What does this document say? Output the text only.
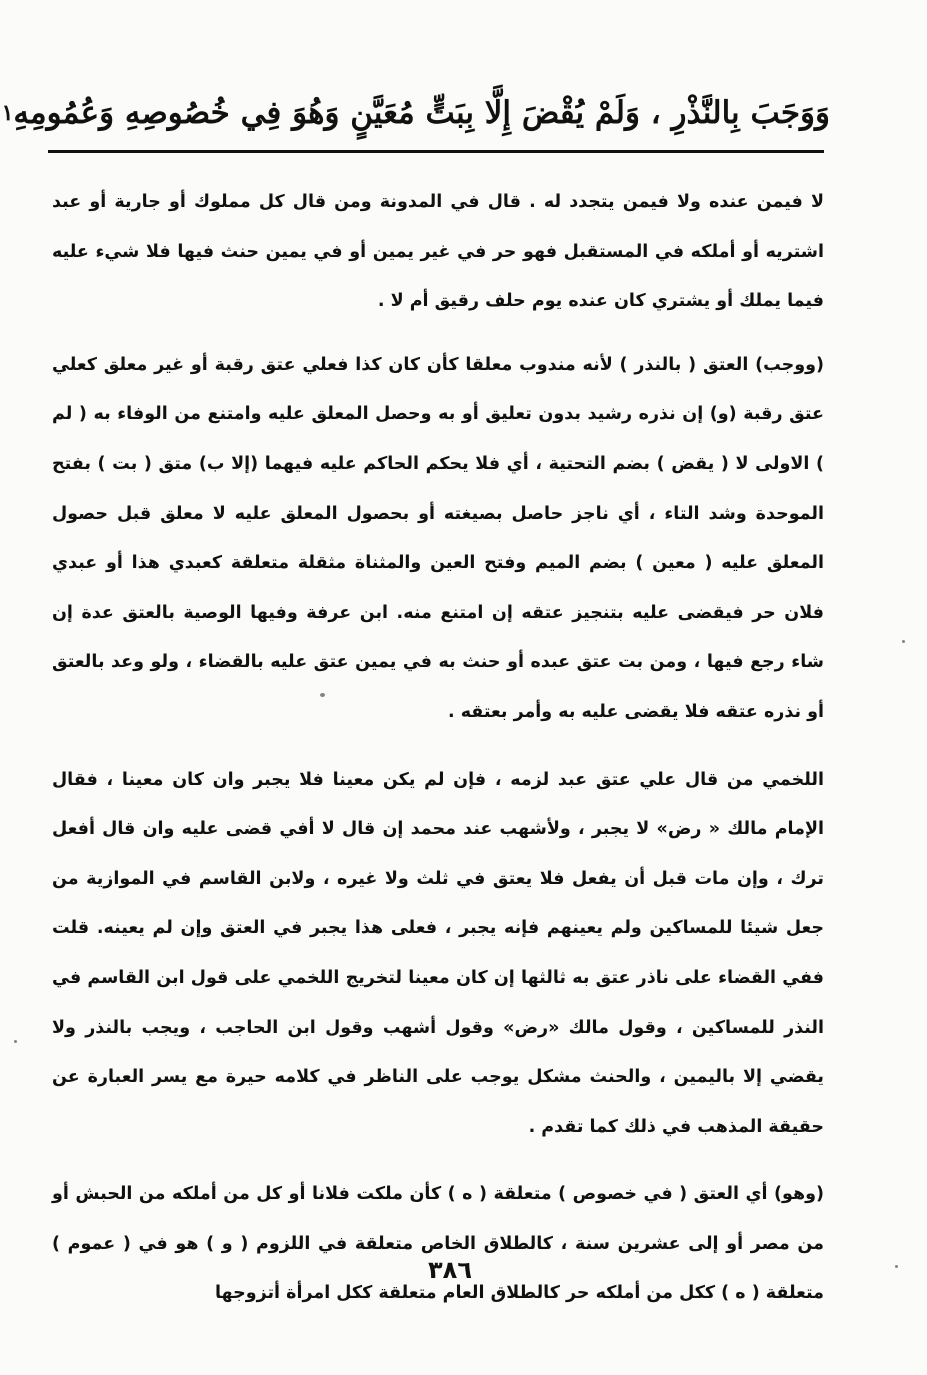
وَوَجَبَ بِالنَّذْرِ ، وَلَمْ يُقْضَ إِلَّا بِبَتٍّ مُعَيَّنٍ وَهُوَ فِي خُصُوصِهِ وَعُمُومِهِ
١

لا فيمن عنده ولا فيمن يتجدد له . قال في المدونة ومن قال كل مملوك أو جارية أو عبد اشتريه أو أملكه في المستقبل فهو حر في غير يمين أو في يمين حنث فيها فلا شيء عليه فيما يملك أو يشتري كان عنده يوم حلف رقيق أم لا .

(ووجب) العتق ( بالنذر ) لأنه مندوب معلقا كأن كان كذا فعلي عتق رقبة أو غير معلق كعلي عتق رقبة (و) إن نذره رشيد بدون تعليق أو به وحصل المعلق عليه وامتنع من الوفاء به ( لم ) الاولى لا ( يقض ) بضم التحتية ، أي فلا يحكم الحاكم عليه فيهما (إلا ب) متق ( بت ) بفتح الموحدة وشد التاء ، أي ناجز حاصل بصيغته أو بحصول المعلق عليه لا معلق قبل حصول المعلق عليه ( معين ) بضم الميم وفتح العين والمثناة مثقلة متعلقة كعبدي هذا أو عبدي فلان حر فيقضى عليه بتنجيز عتقه إن امتنع منه. ابن عرفة وفيها الوصية بالعتق عدة إن شاء رجع فيها ، ومن بت عتق عبده أو حنث به في يمين عتق عليه بالقضاء ، ولو وعد بالعتق أو نذره عتقه فلا يقضى عليه به وأمر بعتقه .

اللخمي من قال علي عتق عبد لزمه ، فإن لم يكن معينا فلا يجبر وان كان معينا ، فقال الإمام مالك « رض» لا يجبر ، ولأشهب عند محمد إن قال لا أفي قضى عليه وان قال أفعل ترك ، وإن مات قبل أن يفعل فلا يعتق في ثلث ولا غيره ، ولابن القاسم في الموازية من جعل شيئا للمساكين ولم يعينهم فإنه يجبر ، فعلى هذا يجبر في العتق وإن لم يعينه. قلت ففي القضاء على ناذر عتق به ثالثها إن كان معينا لتخريج اللخمي على قول ابن القاسم في النذر للمساكين ، وقول مالك «رض» وقول أشهب وقول ابن الحاجب ، ويجب بالنذر ولا يقضي إلا باليمين ، والحنث مشكل يوجب على الناظر في كلامه حيرة مع يسر العبارة عن حقيقة المذهب في ذلك كما تقدم .

(وهو) أي العتق ( في خصوص ) متعلقة ( ه ) كأن ملكت فلانا أو كل من أملكه من الحبش أو من مصر أو إلى عشرين سنة ، كالطلاق الخاص متعلقة في اللزوم ( و ) هو في ( عموم ) متعلقة ( ه ) ككل من أملكه حر كالطلاق العام متعلقة ككل امرأة أتزوجها

٣٨٦
